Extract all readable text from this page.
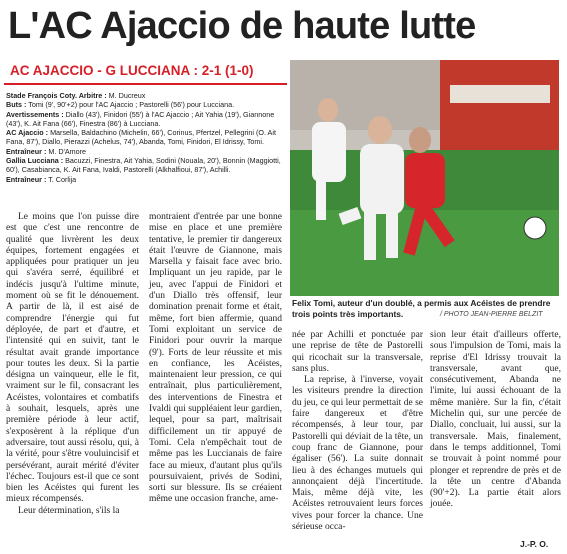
L'AC Ajaccio de haute lutte
AC AJACCIO - G LUCCIANA : 2-1 (1-0)

Stade François Coty. Arbitre : M. Ducreux

Buts : Tomi (9', 90'+2) pour l'AC Ajaccio ; Pastorelli (56') pour Lucciana.

Avertissements : Diallo (43'), Finidori (55') à l'AC Ajaccio ; Ait Yahia (19'), Giannone (43'), K. Ait Fana (66'), Finestra (86') à Lucciana.

AC Ajaccio : Marsella, Baldachino (Michelin, 66'), Corinus, Pfertzel, Pellegrini (O. Ait Fana, 87'), Diallo, Pierazzi (Achelus, 74'), Abanda, Tomi, Finidori, El Idrissy, Tomi.

Entraîneur : M. D'Amore

Gallia Lucciana : Bacuzzi, Finestra, Ait Yahia, Sodini (Nouala, 20'), Bonnin (Maggiotti, 60'), Casabianca, K. Ait Fana, Ivaldi, Pastorelli (Alkhalfioui, 87'), Achilli.

Entraîneur : T. Corlija

Felix Tomi, auteur d'un doublé, a permis aux Acéistes de prendre trois points très importants.	/ PHOTO JEAN-PIERRE BELZIT

Le moins que l'on puisse dire est que c'est une rencontre de qualité que livrèrent les deux équipes, fortement engagées et appliquées pour pratiquer un jeu qui s'avéra serré, équilibré et indécis jusqu'à l'ultime minute, moment où se fit le dénouement. A partir de là, il est aisé de comprendre l'énergie qui fut déployée, de part et d'autre, et l'intensité qui en suivit, tant le résultat avait grande importance pour toutes les deux. Si la partie désigna un vainqueur, elle le fit, vraiment sur le fil, consacrant les Acéistes, volontaires et combatifs à souhait, lesquels, après une première période à leur actif, s'exposèrent à la réplique d'un adversaire, tout aussi résolu, qui, à la vérité, pour s'être vouluincisif et persévérant, aurait mérité d'éviter l'échec. Toujours est-il que ce sont bien les Acéistes qui furent les mieux récompensés.

Leur détermination, s'ils la

montraient d'entrée par une bonne mise en place et une première tentative, le premier tir dangereux était l'œuvre de Giannone, mais Marsella y faisait face avec brio. Impliquant un jeu rapide, par le jeu, avec l'appui de Finidori et d'un Diallo très offensif, leur domination prenait forme et était, même, fort bien affermie, quand Tomi exploitant un service de Finidori pour ouvrir la marque (9'). Forts de leur réussite et mis en confiance, les Acéistes, maintenaient leur pression, ce qui entraînait, plus particulièrement, des interventions de Finestra et Ivaldi qui suppléaient leur gardien, lequel, pour sa part, maîtrisait difficilement un tir appuyé de Tomi. Cela n'empêchait tout de même pas les Luccianais de faire face au mieux, d'autant plus qu'ils poursuivaient, privés de Sodini, sorti sur blessure. Ils se créaient même une occasion franche, ame-

née par Achilli et ponctuée par une reprise de tête de Pastorelli qui ricochait sur la transversale, sans plus.

La reprise, à l'inverse, voyait les visiteurs prendre la direction du jeu, ce qui leur permettait de se faire dangereux et d'être récompensés, à leur tour, par Pastorelli qui déviait de la tête, un coup franc de Giannone, pour égaliser (56'). La suite donnait lieu à des échanges mutuels qui annonçaient déjà l'incertitude. Mais, même déjà vite, les Acéistes retrouvaient leurs forces vives pour forcer la chance. Une sérieuse occa-

sion leur était d'ailleurs offerte, sous l'impulsion de Tomi, mais la reprise d'El Idrissy trouvait la transversale, avant que, consécutivement, Abanda ne l'imite, lui aussi échouant de la même manière. Sur la fin, c'était Michelin qui, sur une percée de Diallo, concluait, lui aussi, sur la transversale. Mais, finalement, dans le temps additionnel, Tomi se trouvait à point nommé pour plonger et reprendre de près et de la tête un centre d'Abanda (90'+2). La partie était alors jouée.

J.-P. O.
